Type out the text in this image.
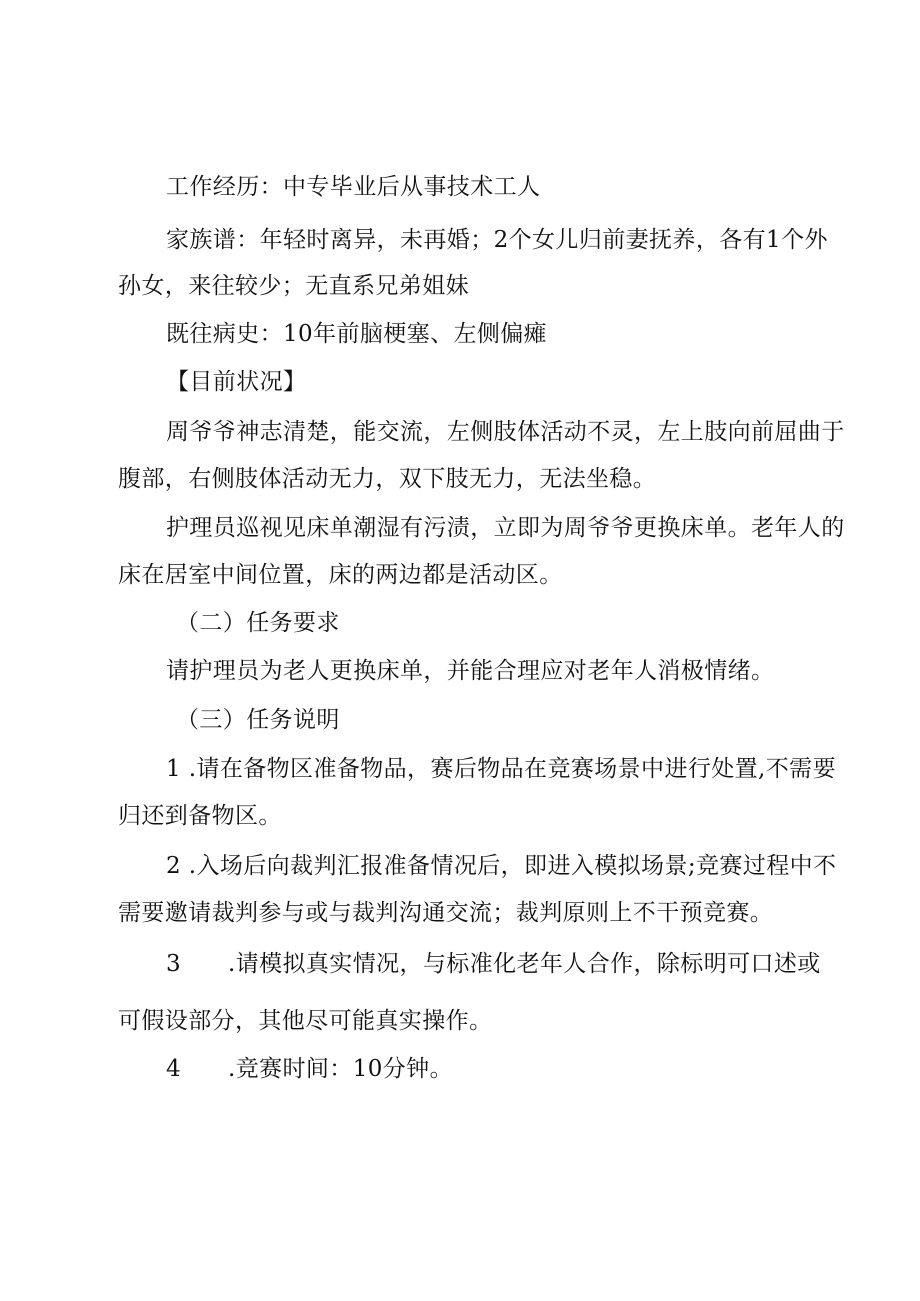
工作经历：中专毕业后从事技术工人
家族谱：年轻时离异，未再婚；2个女儿归前妻抚养，各有1个外
孙女，来往较少；无直系兄弟姐妹
既往病史：10年前脑梗塞、左侧偏瘫
【目前状况】
周爷爷神志清楚，能交流，左侧肢体活动不灵，左上肢向前屈曲于
腹部，右侧肢体活动无力，双下肢无力，无法坐稳。
护理员巡视见床单潮湿有污渍，立即为周爷爷更换床单。老年人的
床在居室中间位置，床的两边都是活动区。
（二）任务要求
请护理员为老人更换床单，并能合理应对老年人消极情绪。
（三）任务说明
1 .请在备物区准备物品，赛后物品在竞赛场景中进行处置,不需要
归还到备物区。
2 .入场后向裁判汇报准备情况后，即进入模拟场景;竞赛过程中不
需要邀请裁判参与或与裁判沟通交流；裁判原则上不干预竞赛。
3 .请模拟真实情况，与标准化老年人合作，除标明可口述或
可假设部分，其他尽可能真实操作。
4 .竞赛时间：10分钟。
